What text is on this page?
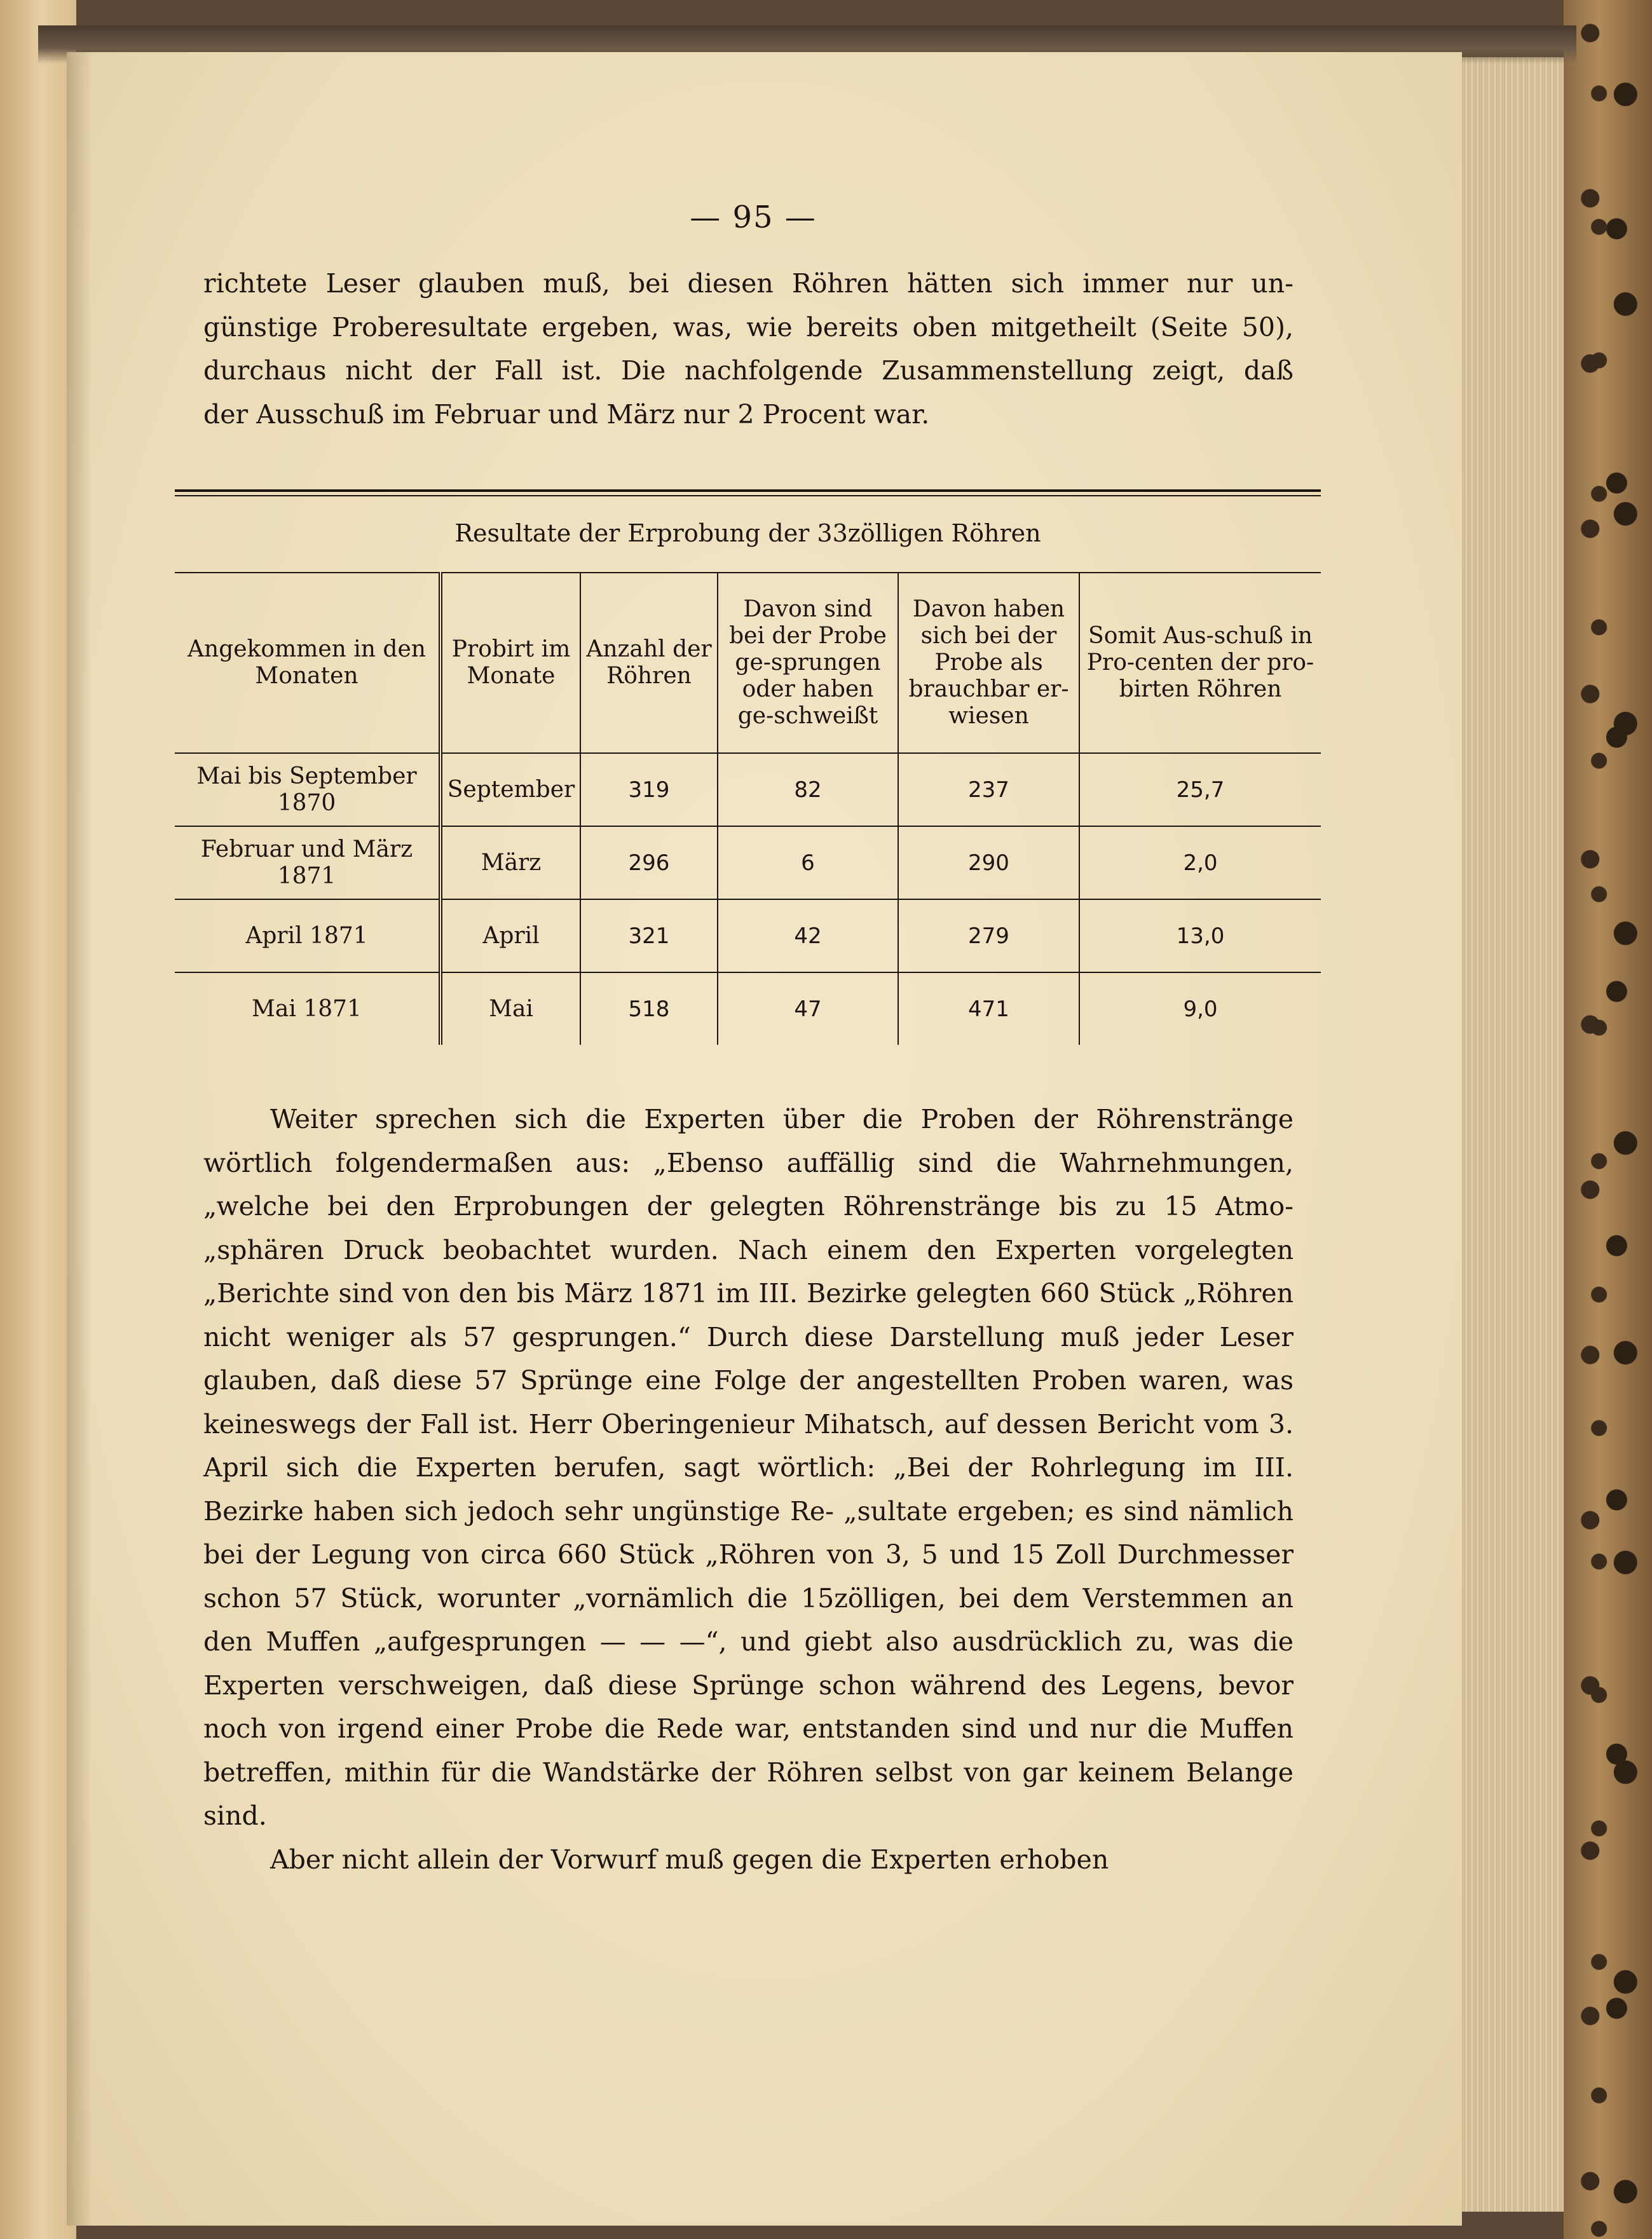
— 95 —

richtete Leser glauben muß, bei diesen Röhren hätten sich immer nur un-

günstige Proberesultate ergeben, was, wie bereits oben mitgetheilt (Seite 50),

durchaus nicht der Fall ist. Die nachfolgende Zusammenstellung zeigt, daß

der Ausschuß im Februar und März nur 2 Procent war.

Resultate der Erprobung der 33zölligen Röhren
Angekommen in den Monaten	Probirt im Monate	Anzahl der Röhren	Davon sind bei der Probe ge-sprungen oder haben ge-schweißt	Davon haben sich bei der Probe als brauchbar er-wiesen	Somit Aus-schuß in Pro-centen der pro-birten Röhren
Mai bis September 1870	September	319	82	237	25,7
Februar und März 1871	März	296	6	290	2,0
April 1871	April	321	42	279	13,0
Mai 1871	Mai	518	47	471	9,0

Weiter sprechen sich die Experten über die Proben der Röhrenstränge wörtlich folgendermaßen aus: „Ebenso auffällig sind die Wahrnehmungen, „welche bei den Erprobungen der gelegten Röhrenstränge bis zu 15 Atmo- „sphären Druck beobachtet wurden. Nach einem den Experten vorgelegten „Berichte sind von den bis März 1871 im III. Bezirke gelegten 660 Stück „Röhren nicht weniger als 57 gesprungen.“ Durch diese Darstellung muß jeder Leser glauben, daß diese 57 Sprünge eine Folge der angestellten Proben waren, was keineswegs der Fall ist. Herr Oberingenieur Mihatsch, auf dessen Bericht vom 3. April sich die Experten berufen, sagt wörtlich: „Bei der Rohrlegung im III. Bezirke haben sich jedoch sehr ungünstige Re- „sultate ergeben; es sind nämlich bei der Legung von circa 660 Stück „Röhren von 3, 5 und 15 Zoll Durchmesser schon 57 Stück, worunter „vornämlich die 15zölligen, bei dem Verstemmen an den Muffen „aufgesprungen — — —“, und giebt also ausdrücklich zu, was die Experten verschweigen, daß diese Sprünge schon während des Legens, bevor noch von irgend einer Probe die Rede war, entstanden sind und nur die Muffen betreffen, mithin für die Wandstärke der Röhren selbst von gar keinem Belange sind.

Aber nicht allein der Vorwurf muß gegen die Experten erhoben
